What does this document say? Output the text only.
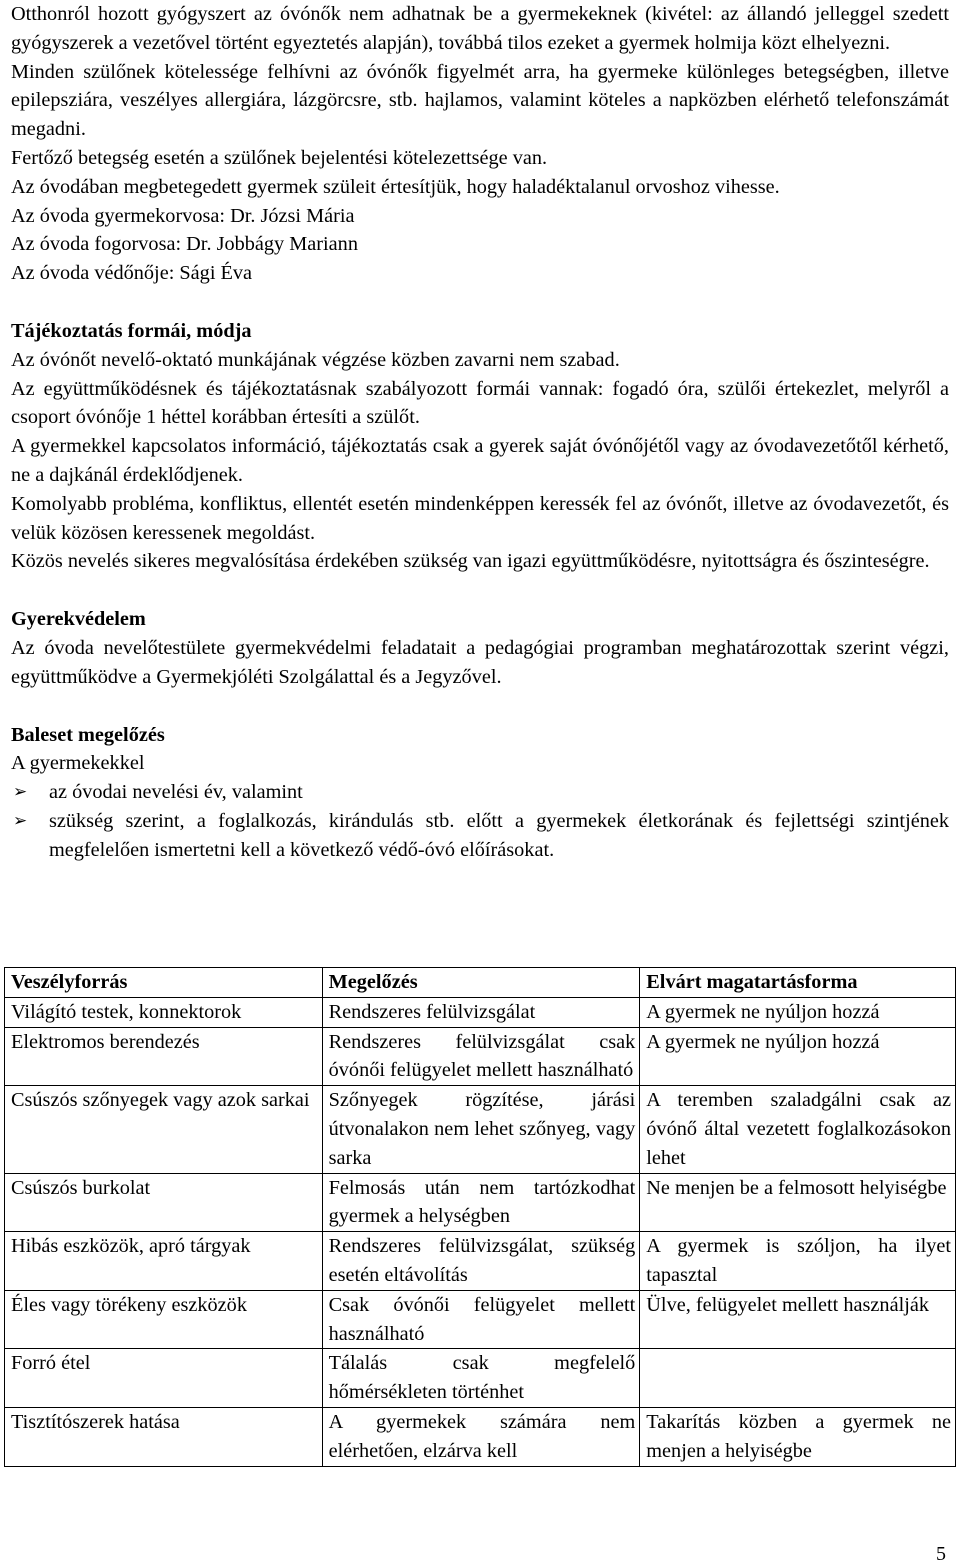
Otthonról hozott gyógyszert az óvónők nem adhatnak be a gyermekeknek (kivétel: az állandó jelleggel szedett gyógyszerek a vezetővel történt egyeztetés alapján), továbbá tilos ezeket a gyermek holmija közt elhelyezni.

Minden szülőnek kötelessége felhívni az óvónők figyelmét arra, ha gyermeke különleges betegségben, illetve epilepsziára, veszélyes allergiára, lázgörcsre, stb. hajlamos, valamint köteles a napközben elérhető telefonszámát megadni.

Fertőző betegség esetén a szülőnek bejelentési kötelezettsége van.

Az óvodában megbetegedett gyermek szüleit értesítjük, hogy haladéktalanul orvoshoz vihesse.

Az óvoda gyermekorvosa: Dr. Józsi Mária

Az óvoda fogorvosa: Dr. Jobbágy Mariann

Az óvoda védőnője: Sági Éva

Tájékoztatás formái, módja

Az óvónőt nevelő-oktató munkájának végzése közben zavarni nem szabad.

Az együttműködésnek és tájékoztatásnak szabályozott formái vannak: fogadó óra, szülői értekezlet, melyről a csoport óvónője 1 héttel korábban értesíti a szülőt.

A gyermekkel kapcsolatos információ, tájékoztatás csak a gyerek saját óvónőjétől vagy az óvodavezetőtől kérhető, ne a dajkánál érdeklődjenek.

Komolyabb probléma, konfliktus, ellentét esetén mindenképpen keressék fel az óvónőt, illetve az óvodavezetőt, és velük közösen keressenek megoldást.

Közös nevelés sikeres megvalósítása érdekében szükség van igazi együttműködésre, nyitottságra és őszinteségre.

Gyerekvédelem

Az óvoda nevelőtestülete gyermekvédelmi feladatait a pedagógiai programban meghatározottak szerint végzi, együttműködve a Gyermekjóléti Szolgálattal és a Jegyzővel.

Baleset megelőzés

A gyermekekkel

➢ az óvodai nevelési év, valamint
➢ szükség szerint, a foglalkozás, kirándulás stb. előtt a gyermekek életkorának és fejlettségi szintjének megfelelően ismertetni kell a következő védő-óvó előírásokat.
Veszélyforrás	Megelőzés	Elvárt magatartásforma
Világító testek, konnektorok	Rendszeres felülvizsgálat	A gyermek ne nyúljon hozzá
Elektromos berendezés	Rendszeres felülvizsgálat csak óvónői felügyelet mellett használható	A gyermek ne nyúljon hozzá
Csúszós szőnyegek vagy azok sarkai	Szőnyegek rögzítése, járási útvonalakon nem lehet szőnyeg, vagy sarka	A teremben szaladgálni csak az óvónő által vezetett foglalkozásokon lehet
Csúszós burkolat	Felmosás után nem tartózkodhat gyermek a helységben	Ne menjen be a felmosott helyiségbe
Hibás eszközök, apró tárgyak	Rendszeres felülvizsgálat, szükség esetén eltávolítás	A gyermek is szóljon, ha ilyet tapasztal
Éles vagy törékeny eszközök	Csak óvónői felügyelet mellett használható	Ülve, felügyelet mellett használják
Forró étel	Tálalás csak megfelelő hőmérsékleten történhet	
Tisztítószerek hatása	A gyermekek számára nem elérhetően, elzárva kell	Takarítás közben a gyermek ne menjen a helyiségbe
5
